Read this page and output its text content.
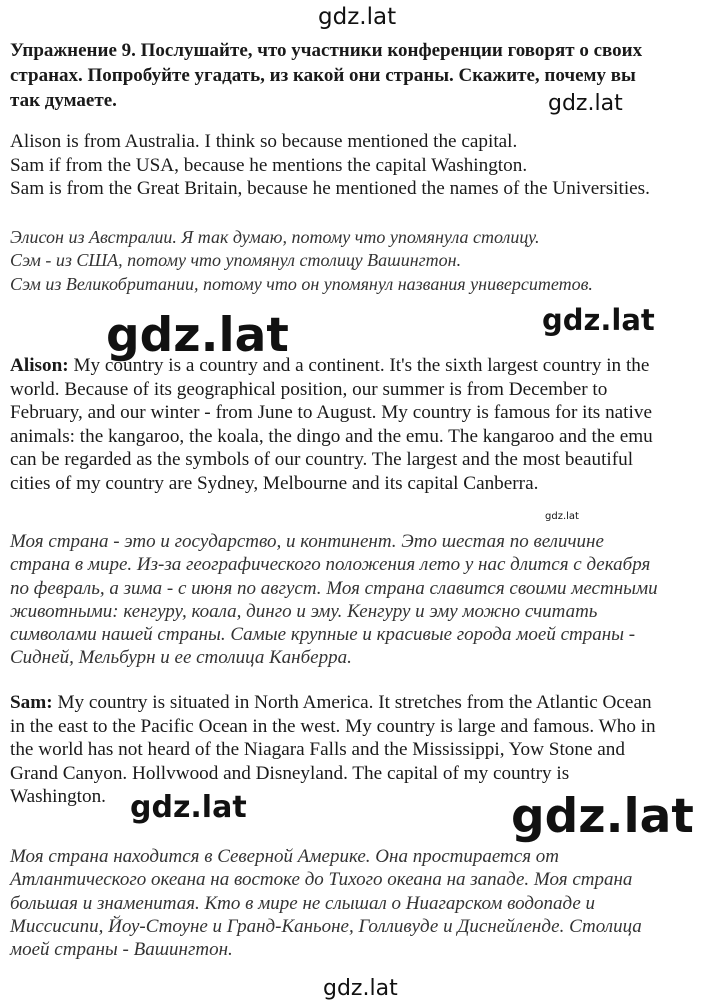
gdz.lat
gdz.lat
gdz.lat	gdz.lat
gdz.lat
gdz.lat	gdz.lat
gdz.lat
Упражнение 9. Послушайте, что участники конференции говорят о своих
странах. Попробуйте угадать, из какой они страны. Скажите, почему вы
так думаете.
Alison is from Australia. I think so because mentioned the capital.
Sam if from the USA, because he mentions the capital Washington.
Sam is from the Great Britain, because he mentioned the names of the Universities.
Элисон из Австралии. Я так думаю, потому что упомянула столицу.
Сэм - из США, потому что упомянул столицу Вашингтон.
Сэм из Великобритании, потому что он упомянул названия университетов.
Alison: My country is a country and a continent. It's the sixth largest country in the
world. Because of its geographical position, our summer is from December to
February, and our winter - from June to August. My country is famous for its native
animals: the kangaroo, the koala, the dingo and the emu. The kangaroo and the emu
can be regarded as the symbols of our country. The largest and the most beautiful
cities of my country are Sydney, Melbourne and its capital Canberra.
Моя страна - это и государство, и континент. Это шестая по величине
страна в мире. Из-за географического положения лето у нас длится с декабря
по февраль, а зима - с июня по август. Моя страна славится своими местными
животными: кенгуру, коала, динго и эму. Кенгуру и эму можно считать
символами нашей страны. Самые крупные и красивые города моей страны -
Сидней, Мельбурн и ее столица Канберра.
Sam: My country is situated in North America. It stretches from the Atlantic Ocean
in the east to the Pacific Ocean in the west. My country is large and famous. Who in
the world has not heard of the Niagara Falls and the Mississippi, Yow Stone and
Grand Canyon. Hollvwood and Disneyland. The capital of my country is
Washington.
Моя страна находится в Северной Америке. Она простирается от
Атлантического океана на востоке до Тихого океана на западе. Моя страна
большая и знаменитая. Кто в мире не слышал о Ниагарском водопаде и
Миссисипи, Йоу-Стоуне и Гранд-Каньоне, Голливуде и Диснейленде. Столица
моей страны - Вашингтон.
